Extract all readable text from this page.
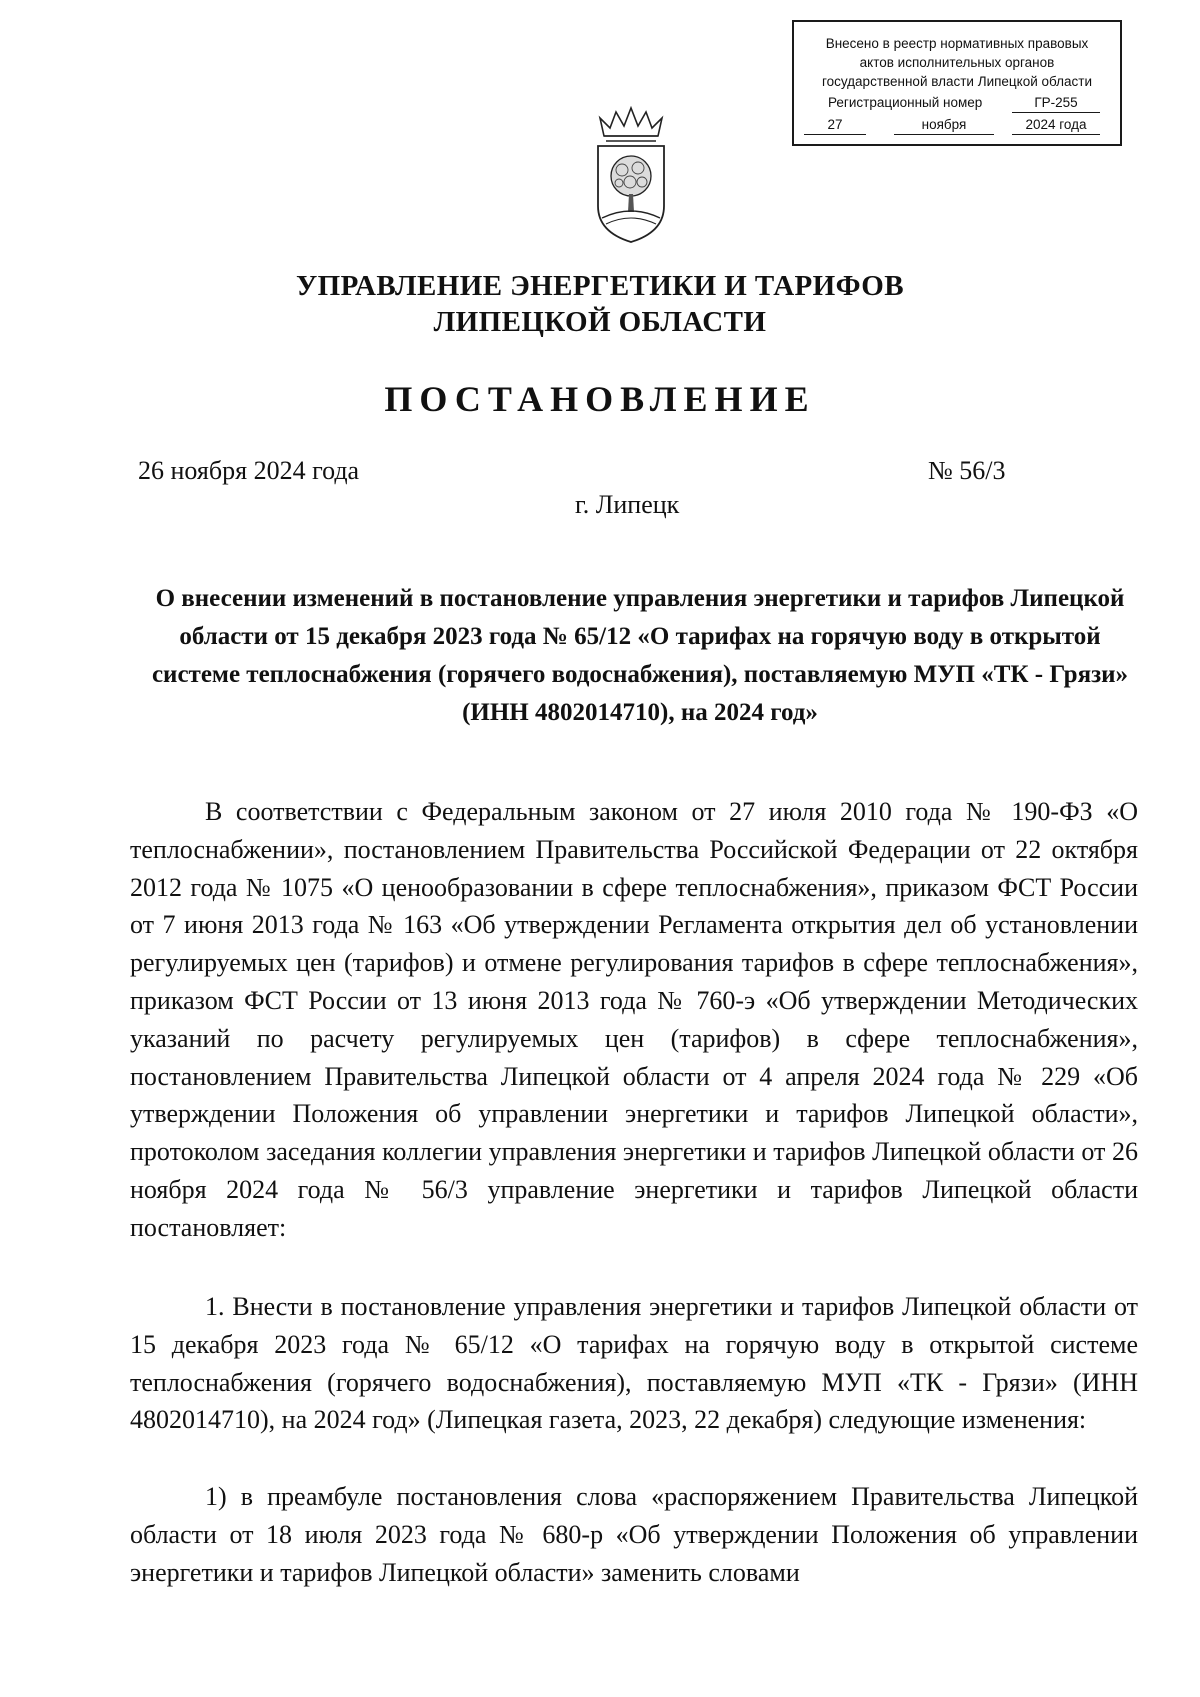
Внесено в реестр нормативных правовых
актов исполнительных органов
государственной власти Липецкой области
Регистрационный номер	ГР-255
27	ноября	2024 года
УПРАВЛЕНИЕ ЭНЕРГЕТИКИ И ТАРИФОВ
ЛИПЕЦКОЙ ОБЛАСТИ
ПОСТАНОВЛЕНИЕ
26 ноября 2024 года	№ 56/3
г. Липецк
О внесении изменений в постановление управления энергетики и тарифов Липецкой области от 15 декабря 2023 года № 65/12 «О тарифах на горячую воду в открытой системе теплоснабжения (горячего водоснабжения), поставляемую МУП «ТК - Грязи» (ИНН 4802014710), на 2024 год»

В соответствии с Федеральным законом от 27 июля 2010 года № 190-ФЗ «О теплоснабжении», постановлением Правительства Российской Федерации от 22 октября 2012 года № 1075 «О ценообразовании в сфере теплоснабжения», приказом ФСТ России от 7 июня 2013 года № 163 «Об утверждении Регламента открытия дел об установлении регулируемых цен (тарифов) и отмене регулирования тарифов в сфере теплоснабжения», приказом ФСТ России от 13 июня 2013 года № 760-э «Об утверждении Методических указаний по расчету регулируемых цен (тарифов) в сфере теплоснабжения», постановлением Правительства Липецкой области от 4 апреля 2024 года № 229 «Об утверждении Положения об управлении энергетики и тарифов Липецкой области», протоколом заседания коллегии управления энергетики и тарифов Липецкой области от 26 ноября 2024 года № 56/3 управление энергетики и тарифов Липецкой области постановляет:

1. Внести в постановление управления энергетики и тарифов Липецкой области от 15 декабря 2023 года № 65/12 «О тарифах на горячую воду в открытой системе теплоснабжения (горячего водоснабжения), поставляемую МУП «ТК - Грязи» (ИНН 4802014710), на 2024 год» (Липецкая газета, 2023, 22 декабря) следующие изменения:

1) в преамбуле постановления слова «распоряжением Правительства Липецкой области от 18 июля 2023 года № 680-р «Об утверждении Положения об управлении энергетики и тарифов Липецкой области» заменить словами
